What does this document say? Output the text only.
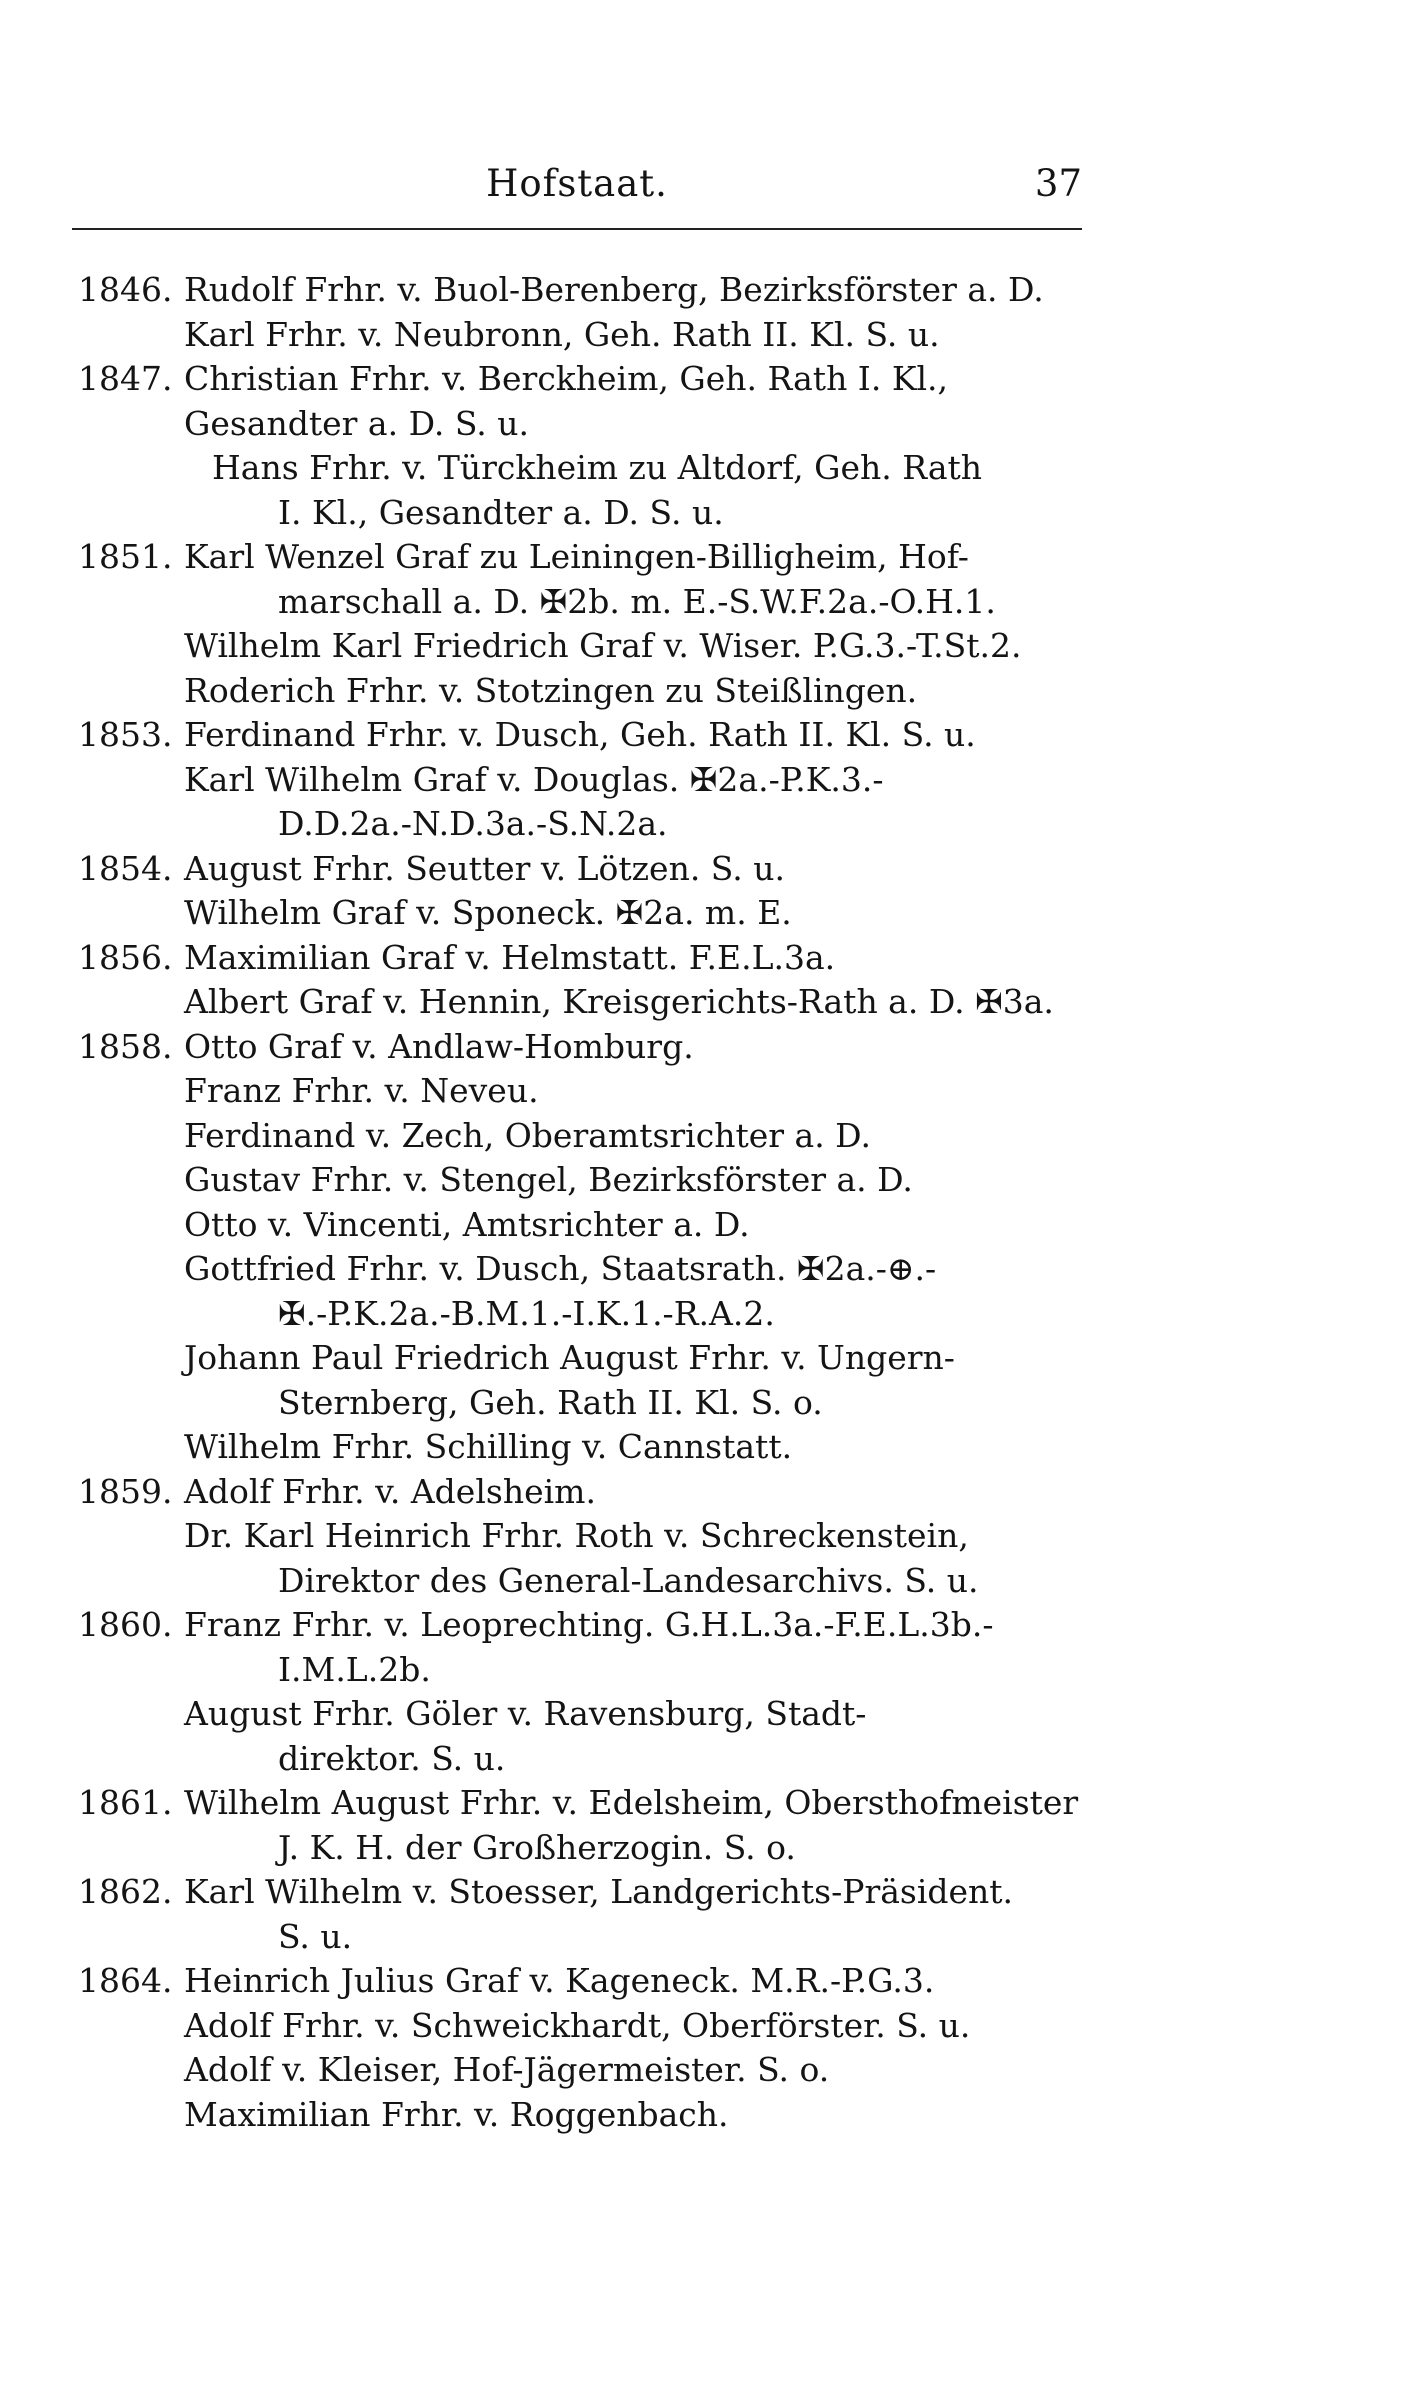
Hofstaat.	37
1846. Rudolf Frhr. v. Buol-Berenberg, Bezirksförster a. D.
Karl Frhr. v. Neubronn, Geh. Rath II. Kl. S. u.
1847. Christian Frhr. v. Berckheim, Geh. Rath I. Kl.,
Gesandter a. D. S. u.
Hans Frhr. v. Türckheim zu Altdorf, Geh. Rath
I. Kl., Gesandter a. D. S. u.
1851. Karl Wenzel Graf zu Leiningen-Billigheim, Hof-
marschall a. D. ✠2b. m. E.-S.W.F.2a.-O.H.1.
Wilhelm Karl Friedrich Graf v. Wiser. P.G.3.-T.St.2.
Roderich Frhr. v. Stotzingen zu Steißlingen.
1853. Ferdinand Frhr. v. Dusch, Geh. Rath II. Kl. S. u.
Karl Wilhelm Graf v. Douglas. ✠2a.-P.K.3.-
D.D.2a.-N.D.3a.-S.N.2a.
1854. August Frhr. Seutter v. Lötzen. S. u.
Wilhelm Graf v. Sponeck. ✠2a. m. E.
1856. Maximilian Graf v. Helmstatt. F.E.L.3a.
Albert Graf v. Hennin, Kreisgerichts-Rath a. D. ✠3a.
1858. Otto Graf v. Andlaw-Homburg.
Franz Frhr. v. Neveu.
Ferdinand v. Zech, Oberamtsrichter a. D.
Gustav Frhr. v. Stengel, Bezirksförster a. D.
Otto v. Vincenti, Amtsrichter a. D.
Gottfried Frhr. v. Dusch, Staatsrath. ✠2a.-⊕.-
✠.-P.K.2a.-B.M.1.-I.K.1.-R.A.2.
Johann Paul Friedrich August Frhr. v. Ungern-
Sternberg, Geh. Rath II. Kl. S. o.
Wilhelm Frhr. Schilling v. Cannstatt.
1859. Adolf Frhr. v. Adelsheim.
Dr. Karl Heinrich Frhr. Roth v. Schreckenstein,
Direktor des General-Landesarchivs. S. u.
1860. Franz Frhr. v. Leoprechting. G.H.L.3a.-F.E.L.3b.-
I.M.L.2b.
August Frhr. Göler v. Ravensburg, Stadt-
direktor. S. u.
1861. Wilhelm August Frhr. v. Edelsheim, Obersthofmeister
J. K. H. der Großherzogin. S. o.
1862. Karl Wilhelm v. Stoesser, Landgerichts-Präsident.
S. u.
1864. Heinrich Julius Graf v. Kageneck. M.R.-P.G.3.
Adolf Frhr. v. Schweickhardt, Oberförster. S. u.
Adolf v. Kleiser, Hof-Jägermeister. S. o.
Maximilian Frhr. v. Roggenbach.
